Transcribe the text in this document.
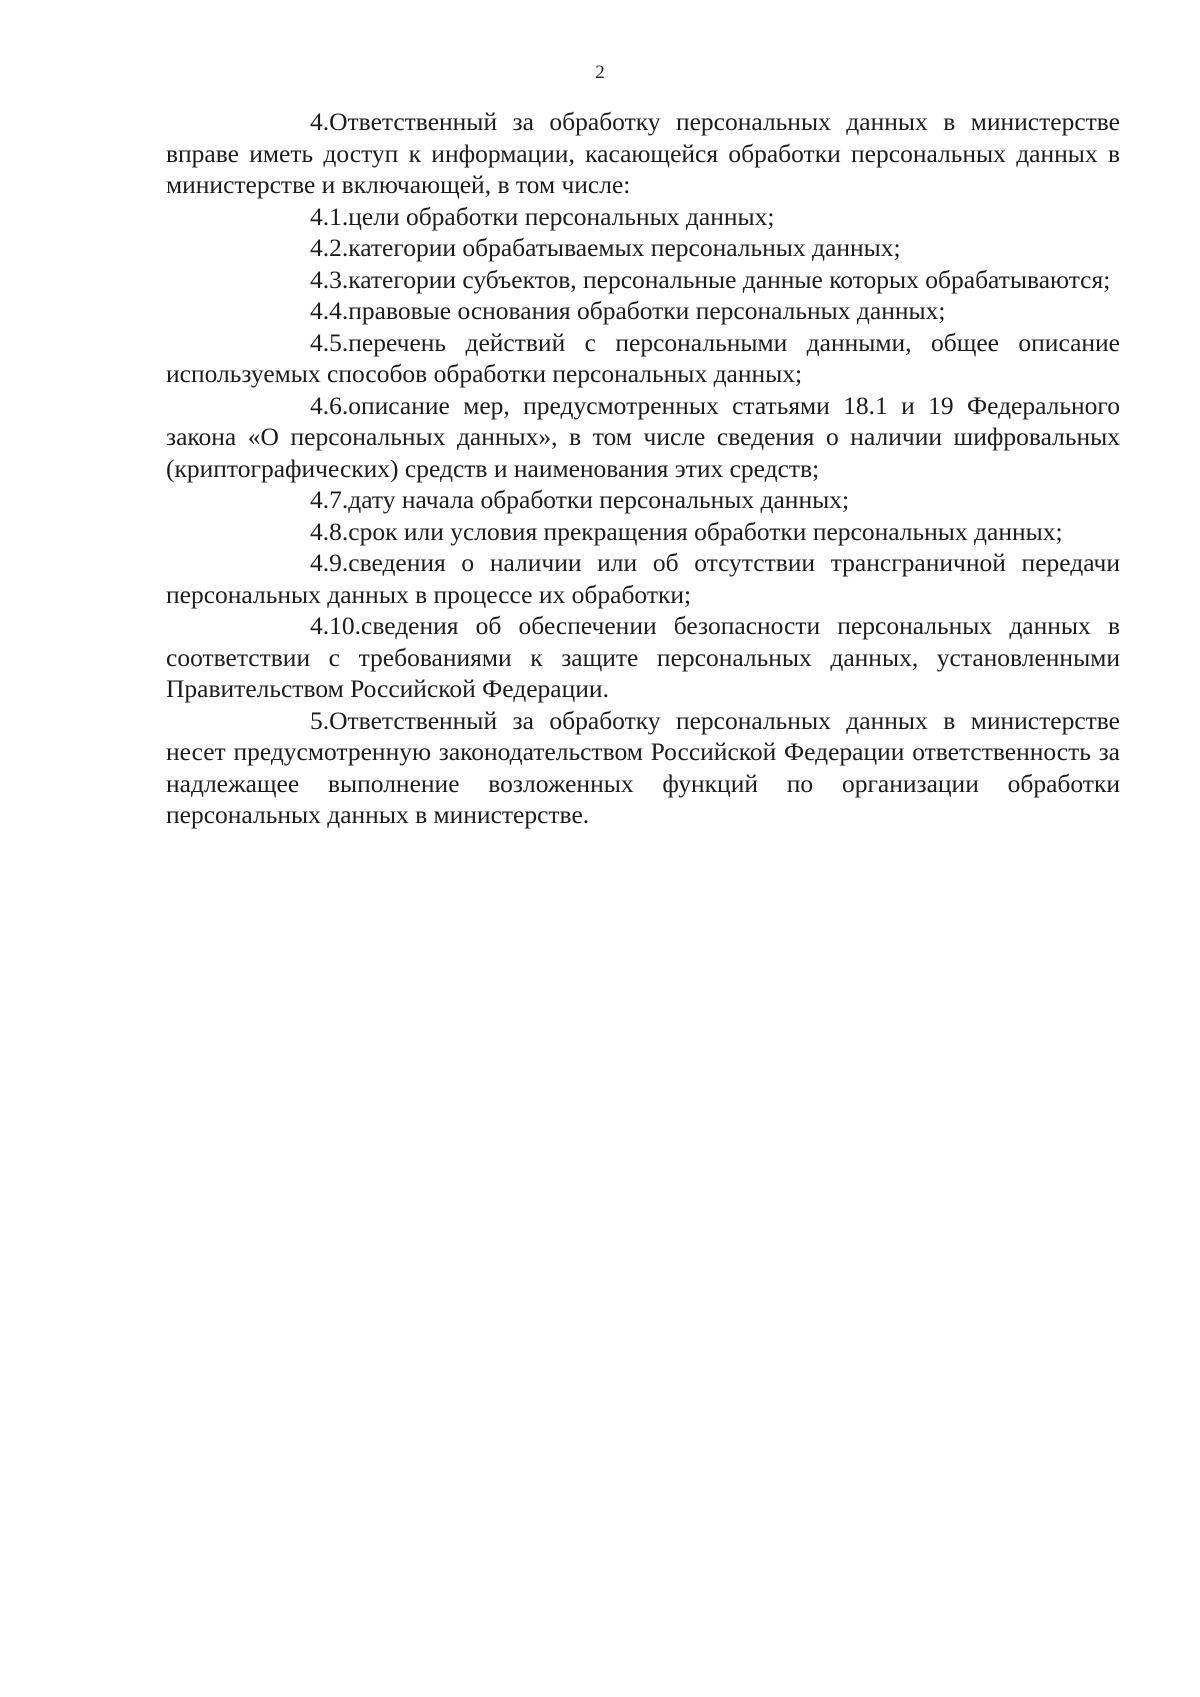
2

4.Ответственный за обработку персональных данных в министерстве вправе иметь доступ к информации, касающейся обработки персональных данных в министерстве и включающей, в том числе:

4.1.цели обработки персональных данных;

4.2.категории обрабатываемых персональных данных;

4.3.категории субъектов, персональные данные которых обрабатываются;

4.4.правовые основания обработки персональных данных;

4.5.перечень действий с персональными данными, общее описание используемых способов обработки персональных данных;

4.6.описание мер, предусмотренных статьями 18.1 и 19 Федерального закона «О персональных данных», в том числе сведения о наличии шифровальных (криптографических) средств и наименования этих средств;

4.7.дату начала обработки персональных данных;

4.8.срок или условия прекращения обработки персональных данных;

4.9.сведения о наличии или об отсутствии трансграничной передачи персональных данных в процессе их обработки;

4.10.сведения об обеспечении безопасности персональных данных в соответствии с требованиями к защите персональных данных, установленными Правительством Российской Федерации.

5.Ответственный за обработку персональных данных в министерстве несет предусмотренную законодательством Российской Федерации ответственность за надлежащее выполнение возложенных функций по организации обработки персональных данных в министерстве.
